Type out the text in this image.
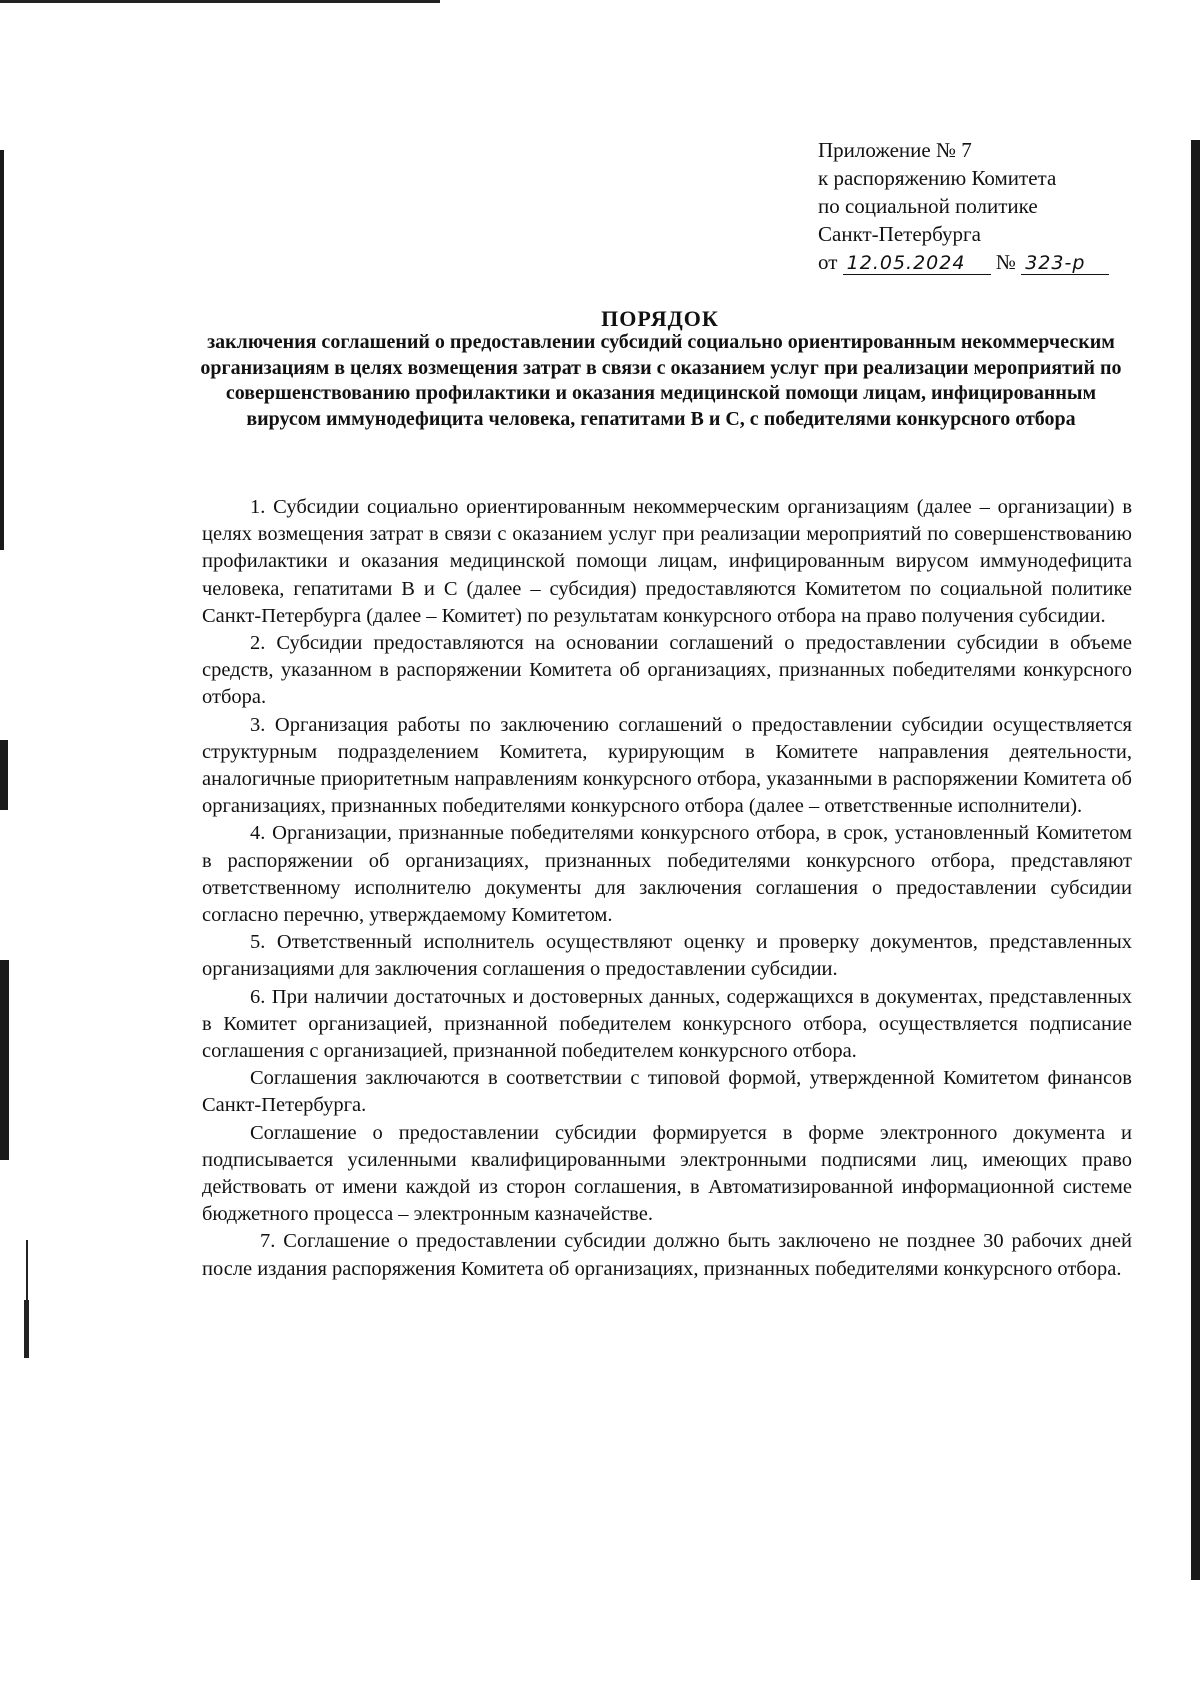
Приложение № 7
к распоряжению Комитета
по социальной политике
Санкт-Петербурга
от 12.05.2024 № 323-р
ПОРЯДОК
заключения соглашений о предоставлении субсидий социально ориентированным некоммерческим организациям в целях возмещения затрат в связи с оказанием услуг при реализации мероприятий по совершенствованию профилактики и оказания медицинской помощи лицам, инфицированным вирусом иммунодефицита человека, гепатитами В и С, с победителями конкурсного отбора

1. Субсидии социально ориентированным некоммерческим организациям (далее – организации) в целях возмещения затрат в связи с оказанием услуг при реализации мероприятий по совершенствованию профилактики и оказания медицинской помощи лицам, инфицированным вирусом иммунодефицита человека, гепатитами В и С (далее – субсидия) предоставляются Комитетом по социальной политике Санкт-Петербурга (далее – Комитет) по результатам конкурсного отбора на право получения субсидии.

2. Субсидии предоставляются на основании соглашений о предоставлении субсидии в объеме средств, указанном в распоряжении Комитета об организациях, признанных победителями конкурсного отбора.

3. Организация работы по заключению соглашений о предоставлении субсидии осуществляется структурным подразделением Комитета, курирующим в Комитете направления деятельности, аналогичные приоритетным направлениям конкурсного отбора, указанными в распоряжении Комитета об организациях, признанных победителями конкурсного отбора (далее – ответственные исполнители).

4. Организации, признанные победителями конкурсного отбора, в срок, установленный Комитетом в распоряжении об организациях, признанных победителями конкурсного отбора, представляют ответственному исполнителю документы для заключения соглашения о предоставлении субсидии согласно перечню, утверждаемому Комитетом.

5. Ответственный исполнитель осуществляют оценку и проверку документов, представленных организациями для заключения соглашения о предоставлении субсидии.

6. При наличии достаточных и достоверных данных, содержащихся в документах, представленных в Комитет организацией, признанной победителем конкурсного отбора, осуществляется подписание соглашения с организацией, признанной победителем конкурсного отбора.

Соглашения заключаются в соответствии с типовой формой, утвержденной Комитетом финансов Санкт-Петербурга.

Соглашение о предоставлении субсидии формируется в форме электронного документа и подписывается усиленными квалифицированными электронными подписями лиц, имеющих право действовать от имени каждой из сторон соглашения, в Автоматизированной информационной системе бюджетного процесса – электронным казначействе.

7. Соглашение о предоставлении субсидии должно быть заключено не позднее 30 рабочих дней после издания распоряжения Комитета об организациях, признанных победителями конкурсного отбора.
